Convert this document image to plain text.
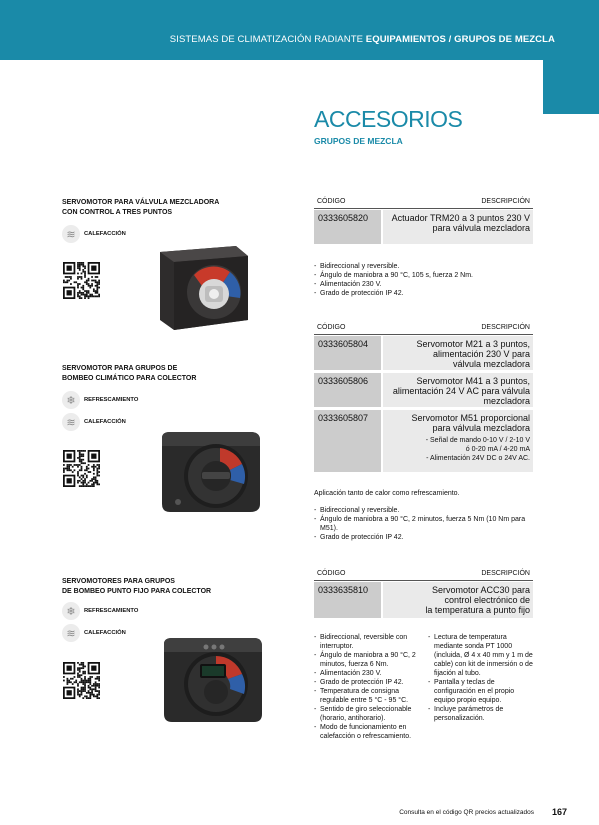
SISTEMAS DE CLIMATIZACIÓN RADIANTE EQUIPAMIENTOS / GRUPOS DE MEZCLA
ACCESORIOS
GRUPOS DE MEZCLA
SERVOMOTOR PARA VÁLVULA MEZCLADORA
CON CONTROL A TRES PUNTOS
≋	CALEFACCIÓN
CÓDIGO	DESCRIPCIÓN
0333605820	Actuador TRM20 a 3 puntos 230 V
para válvula mezcladora
- Bidireccional y reversible.
- Ángulo de maniobra a 90 °C, 105 s, fuerza 2 Nm.
- Alimentación 230 V.
- Grado de protección IP 42.
SERVOMOTOR PARA GRUPOS DE
BOMBEO CLIMÁTICO PARA COLECTOR
❄	REFRESCAMIENTO
≋	CALEFACCIÓN
CÓDIGO	DESCRIPCIÓN
0333605804	Servomotor M21 a 3 puntos,
alimentación 230 V para
válvula mezcladora
0333605806	Servomotor M41 a 3 puntos,
alimentación 24 V AC para válvula
mezcladora
0333605807	Servomotor M51 proporcional
para válvula mezcladora
- Señal de mando 0-10 V / 2-10 V
ó 0-20 mA / 4-20 mA
- Alimentación 24V DC o 24V AC.
Aplicación tanto de calor como refrescamiento.
- Bidireccional y reversible.
- Ángulo de maniobra a 90 °C, 2 minutos, fuerza 5 Nm (10 Nm para M51).
- Grado de protección IP 42.
SERVOMOTORES PARA GRUPOS
DE BOMBEO PUNTO FIJO PARA COLECTOR
❄	REFRESCAMIENTO
≋	CALEFACCIÓN
CÓDIGO	DESCRIPCIÓN
0333635810	Servomotor ACC30 para
control electrónico de
la temperatura a punto fijo
- Bidireccional, reversible con interruptor.
- Ángulo de maniobra a 90 °C, 2 minutos, fuerza 6 Nm.
- Alimentación 230 V.
- Grado de protección IP 42.
- Temperatura de consigna regulable entre 5 °C - 95 °C.
- Sentido de giro seleccionable (horario, antihorario).
- Modo de funcionamiento en calefacción o refrescamiento.
- Lectura de temperatura mediante sonda PT 1000 (incluida, Ø 4 x 40 mm y 1 m de cable) con kit de inmersión o de fijación al tubo.
- Pantalla y teclas de configuración en el propio equipo propio equipo.
- Incluye parámetros de personalización.
Consulta en el código QR precios actualizados 167
